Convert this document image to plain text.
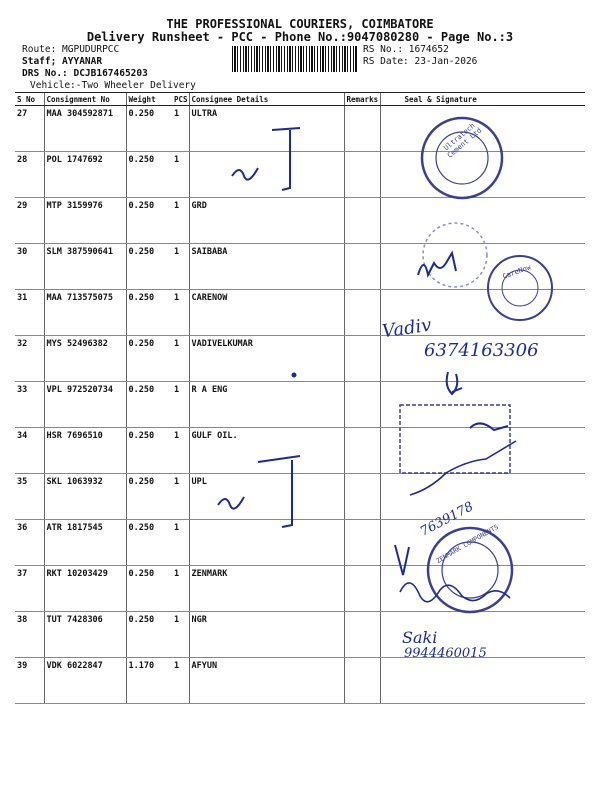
THE PROFESSIONAL COURIERS, COIMBATORE
Delivery Runsheet - PCC - Phone No.:9047080280 - Page No.:3
Route: MGPUDURPCC
Staff; AYYANAR
DRS No.: DCJB167465203
Vehicle:-Two Wheeler Delivery
RS No.: 1674652
RS Date: 23-Jan-2026
S No	Consignment No	Weight	PCS	Consignee Details	Remarks	Seal & Signature
27	MAA 304592871	0.250	1	ULTRA		
28	POL 1747692	0.250	1			
29	MTP 3159976	0.250	1	GRD		
30	SLM 387590641	0.250	1	SAIBABA		
31	MAA 713575075	0.250	1	CARENOW		
32	MYS 52496382	0.250	1	VADIVELKUMAR		
33	VPL 972520734	0.250	1	R A ENG		
34	HSR 7696510	0.250	1	GULF OIL.		
35	SKL 1063932	0.250	1	UPL		
36	ATR 1817545	0.250	1			
37	RKT 10203429	0.250	1	ZENMARK		
38	TUT 7428306	0.250	1	NGR		
39	VDK 6022847	1.170	1	AFYUN		
Vadiv
6374163306
7639178
Saki
9944460015
Ultratech Cement Ltd
CareNow
ZENMARK COMPONENTS
